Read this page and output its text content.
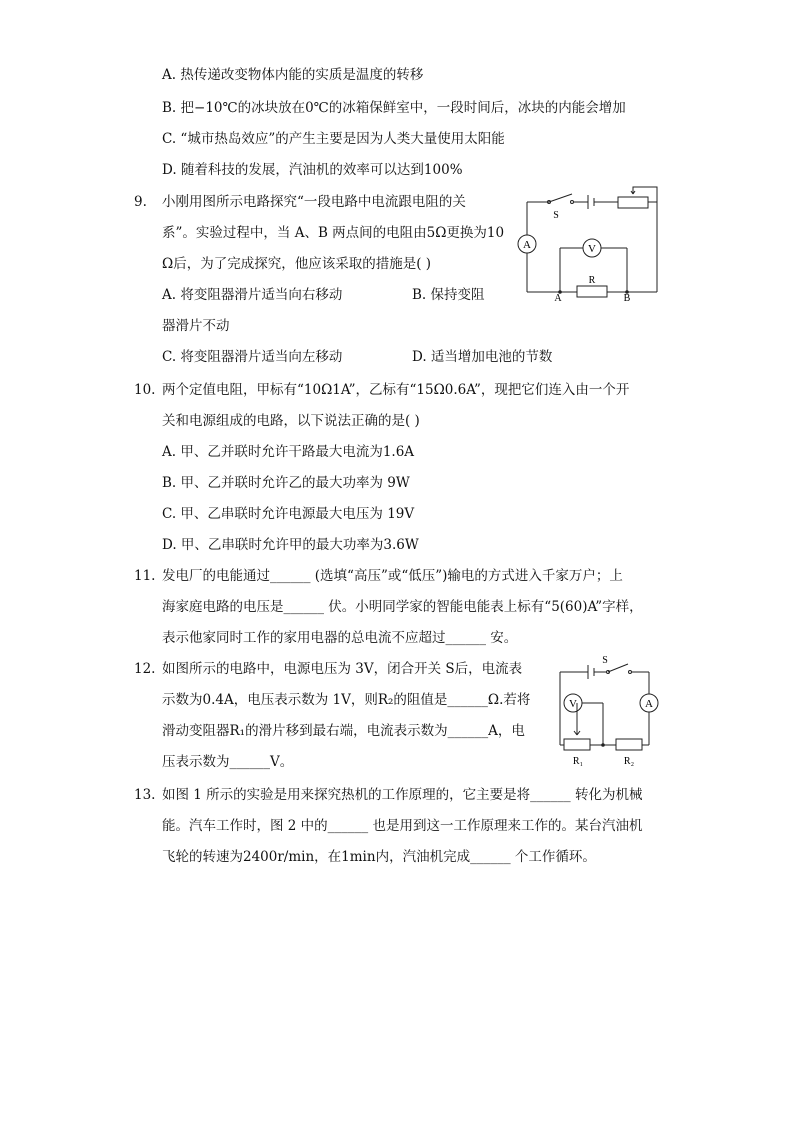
A. 热传递改变物体内能的实质是温度的转移
B. 把−10℃的冰块放在0℃的冰箱保鲜室中，一段时间后，冰块的内能会增加
C. “城市热岛效应”的产生主要是因为人类大量使用太阳能
D. 随着科技的发展，汽油机的效率可以达到100%
9. 小刚用图所示电路探究“一段电路中电流跟电阻的关
系”。实验过程中，当 A、B 两点间的电阻由5Ω更换为10
Ω后，为了完成探究，他应该采取的措施是( )
A. 将变阻器滑片适当向右移动	B. 保持变阻
器滑片不动
C. 将变阻器滑片适当向左移动	D. 适当增加电池的节数
A	V
S
R
A	B
10. 两个定值电阻，甲标有“10Ω1A”，乙标有“15Ω0.6A”，现把它们连入由一个开
关和电源组成的电路，以下说法正确的是( )
A. 甲、乙并联时允许干路最大电流为1.6A
B. 甲、乙并联时允许乙的最大功率为 9W
C. 甲、乙串联时允许电源最大电压为 19V
D. 甲、乙串联时允许甲的最大功率为3.6W
11. 发电厂的电能通过______ (选填“高压”或“低压”)输电的方式进入千家万户；上
海家庭电路的电压是______ 伏。小明同学家的智能电能表上标有“5(60)A”字样，
表示他家同时工作的家用电器的总电流不应超过______ 安。
12. 如图所示的电路中，电源电压为 3V，闭合开关 S后，电流表
示数为0.4A，电压表示数为 1V，则R₂的阻值是______Ω.若将
滑动变阻器R₁的滑片移到最右端，电流表示数为______A，电
压表示数为______V。
A
V
S
R₁	R₂
13. 如图 1 所示的实验是用来探究热机的工作原理的，它主要是将______ 转化为机械
能。汽车工作时，图 2 中的______ 也是用到这一工作原理来工作的。某台汽油机
飞轮的转速为2400r/min，在1min内，汽油机完成______ 个工作循环。
